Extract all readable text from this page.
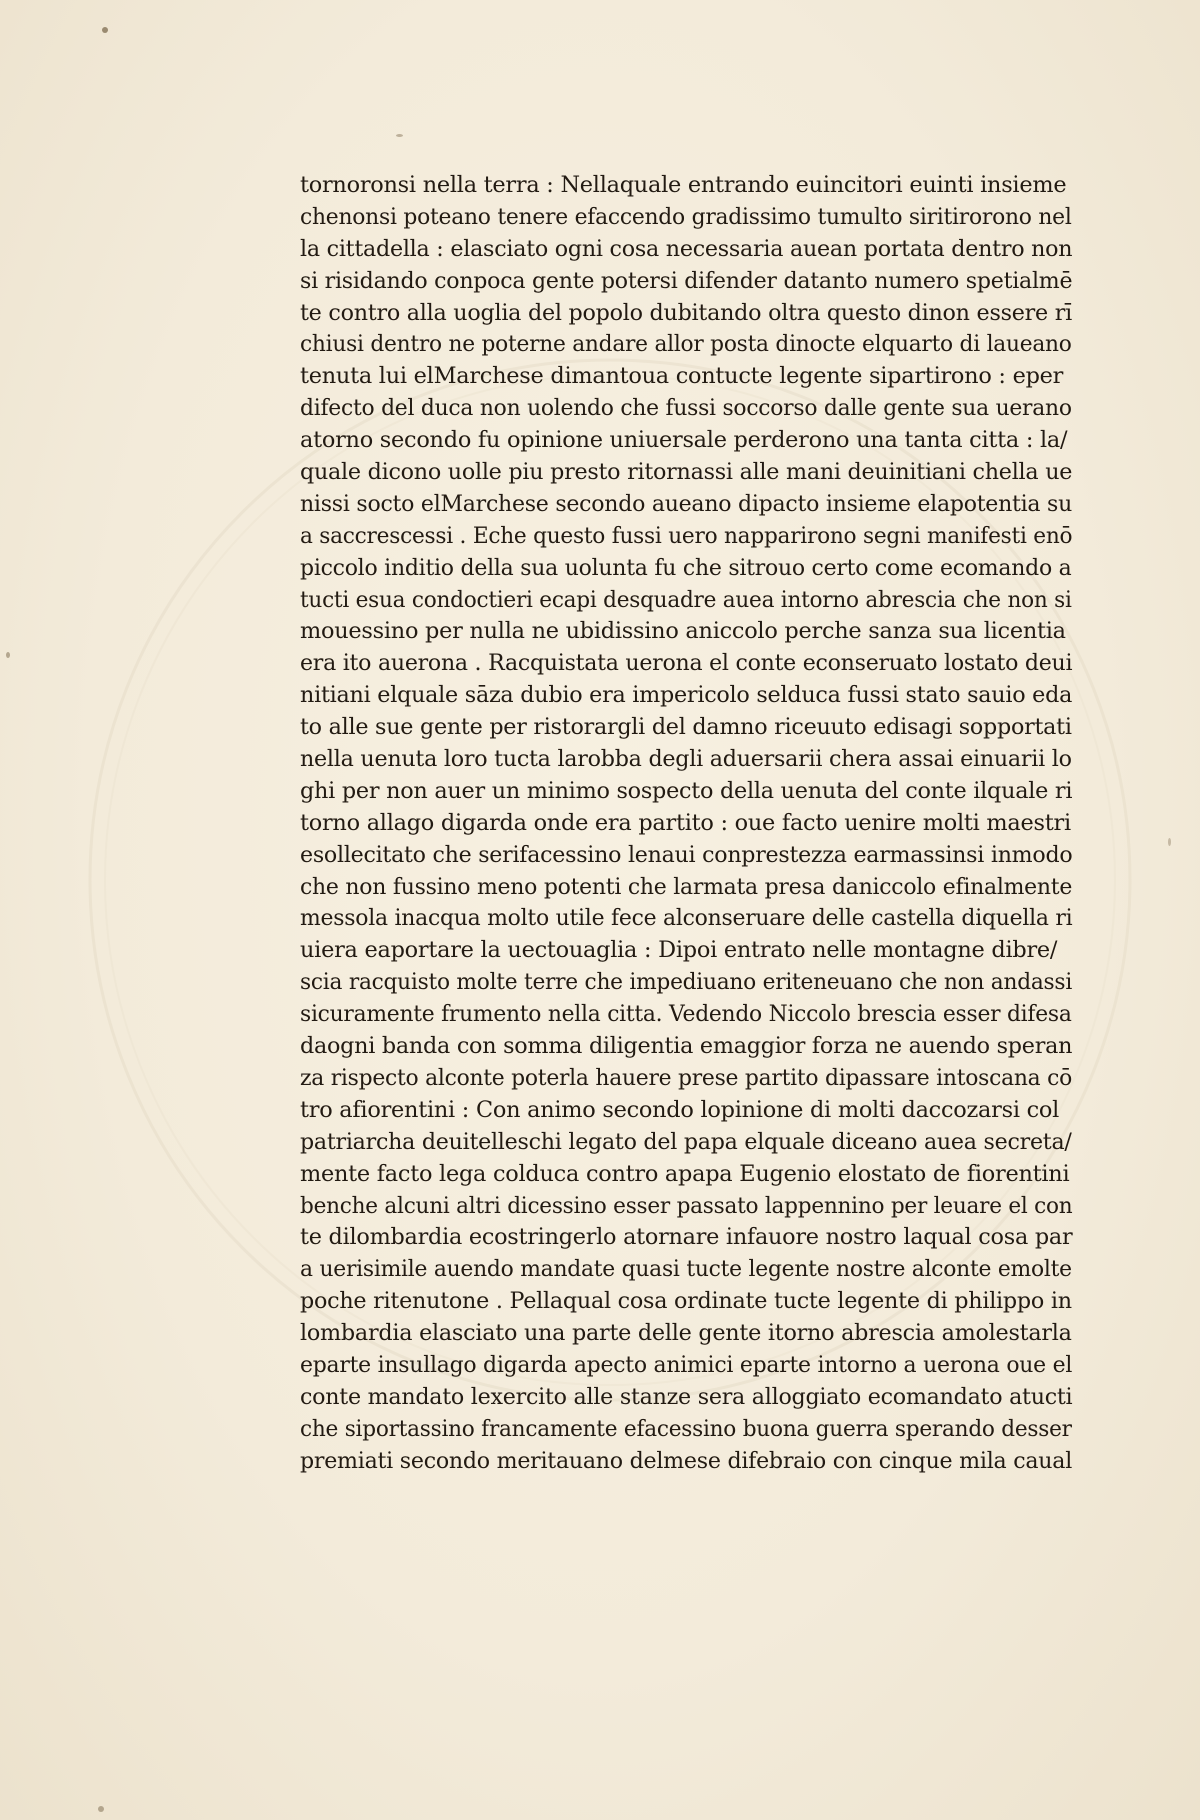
tornoronsi nella terra : Nellaquale entrando euincitori euinti insieme
chenonsi poteano tenere efaccendo gradissimo tumulto siritirorono nel
la cittadella : elasciato ogni cosa necessaria auean portata dentro non
si risidando conpoca gente potersi difender datanto numero spetialmē
te contro alla uoglia del popolo dubitando oltra questo dinon essere rī
chiusi dentro ne poterne andare allor posta dinocte elquarto di laueano
tenuta lui elMarchese dimantoua contucte legente sipartirono : eper
difecto del duca non uolendo che fussi soccorso dalle gente sua uerano
atorno secondo fu opinione uniuersale perderono una tanta citta : la/
quale dicono uolle piu presto ritornassi alle mani deuinitiani chella ue
nissi socto elMarchese secondo aueano dipacto insieme elapotentia su
a saccrescessi . Eche questo fussi uero napparirono segni manifesti enō
piccolo inditio della sua uolunta fu che sitrouo certo come ecomando a
tucti esua condoctieri ecapi desquadre auea intorno abrescia che non si
mouessino per nulla ne ubidissino aniccolo perche sanza sua licentia
era ito auerona . Racquistata uerona el conte econseruato lostato deui
nitiani elquale sāza dubio era impericolo selduca fussi stato sauio eda
to alle sue gente per ristorargli del damno riceuuto edisagi sopportati
nella uenuta loro tucta larobba degli aduersarii chera assai einuarii lo
ghi per non auer un minimo sospecto della uenuta del conte ilquale ri
torno allago digarda onde era partito : oue facto uenire molti maestri
esollecitato che serifacessino lenaui conprestezza earmassinsi inmodo
che non fussino meno potenti che larmata presa daniccolo efinalmente
messola inacqua molto utile fece alconseruare delle castella diquella ri
uiera eaportare la uectouaglia : Dipoi entrato nelle montagne dibre/
scia racquisto molte terre che impediuano eriteneuano che non andassi
sicuramente frumento nella citta. Vedendo Niccolo brescia esser difesa
daogni banda con somma diligentia emaggior forza ne auendo speran
za rispecto alconte poterla hauere prese partito dipassare intoscana cō
tro afiorentini : Con animo secondo lopinione di molti daccozarsi col
patriarcha deuitelleschi legato del papa elquale diceano auea secreta/
mente facto lega colduca contro apapa Eugenio elostato de fiorentini
benche alcuni altri dicessino esser passato lappennino per leuare el con
te dilombardia ecostringerlo atornare infauore nostro laqual cosa par
a uerisimile auendo mandate quasi tucte legente nostre alconte emolte
poche ritenutone . Pellaqual cosa ordinate tucte legente di philippo in
lombardia elasciato una parte delle gente itorno abrescia amolestarla
eparte insullago digarda apecto animici eparte intorno a uerona oue el
conte mandato lexercito alle stanze sera alloggiato ecomandato atucti
che siportassino francamente efacessino buona guerra sperando desser
premiati secondo meritauano delmese difebraio con cinque mila caual
